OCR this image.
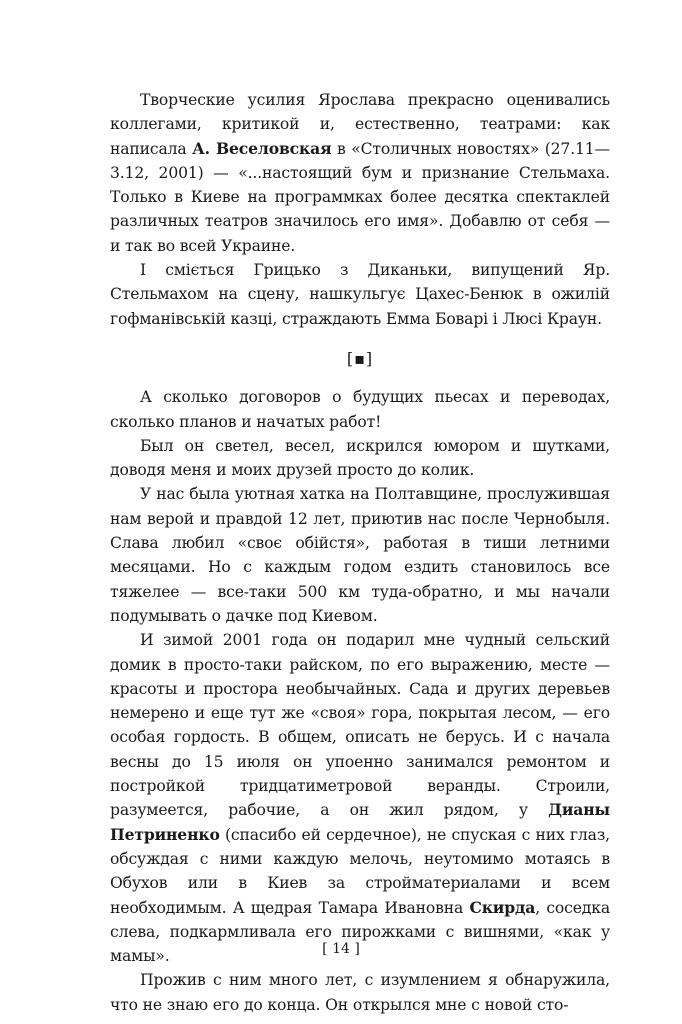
Творческие усилия Ярослава прекрасно оценивались коллегами, критикой и, естественно, театрами: как написала А. Веселовская в «Столичных новостях» (27.11—3.12, 2001) — «...настоящий бум и признание Стельмаха. Только в Киеве на программках более десятка спектаклей различных театров значилось его имя». Добавлю от себя — и так во всей Украине.

І сміється Грицько з Диканьки, випущений Яр. Стельмахом на сцену, нашкульгує Цахес-Бенюк в ожилій гофманівській казці, страждають Емма Боварі і Люсі Краун.

[▪]

А сколько договоров о будущих пьесах и переводах, сколько планов и начатых работ!

Был он светел, весел, искрился юмором и шутками, доводя меня и моих друзей просто до колик.

У нас была уютная хатка на Полтавщине, прослужившая нам верой и правдой 12 лет, приютив нас после Чернобыля. Слава любил «своє обійстя», работая в тиши летними месяцами. Но с каждым годом ездить становилось все тяжелее — все-таки 500 км туда-обратно, и мы начали подумывать о дачке под Киевом.

И зимой 2001 года он подарил мне чудный сельский домик в просто-таки райском, по его выражению, месте — красоты и простора необычайных. Сада и других деревьев немерено и еще тут же «своя» гора, покрытая лесом, — его особая гордость. В общем, описать не берусь. И с начала весны до 15 июля он упоенно занимался ремонтом и постройкой тридцатиметровой веранды. Строили, разумеется, рабочие, а он жил рядом, у Дианы Петриненко (спасибо ей сердечное), не спуская с них глаз, обсуждая с ними каждую мелочь, неутомимо мотаясь в Обухов или в Киев за стройматериалами и всем необходимым. А щедрая Тамара Ивановна Скирда, соседка слева, подкармливала его пирожками с вишнями, «как у мамы».

Прожив с ним много лет, с изумлением я обнаружила, что не знаю его до конца. Он открылся мне с новой сто-

[ 14 ]
